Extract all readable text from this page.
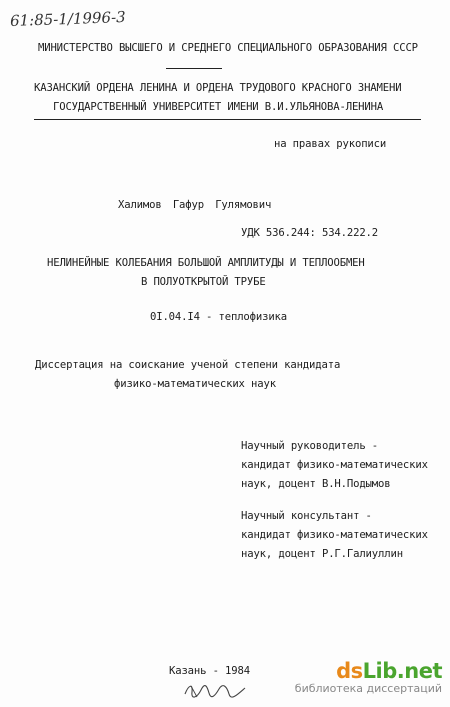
61:85-1/1996-3
МИНИСТЕРСТВО ВЫСШЕГО И СРЕДНЕГО СПЕЦИАЛЬНОГО ОБРАЗОВАНИЯ СССР
КАЗАНСКИЙ ОРДЕНА ЛЕНИНА И ОРДЕНА ТРУДОВОГО КРАСНОГО ЗНАМЕНИ
ГОСУДАРСТВЕННЫЙ УНИВЕРСИТЕТ ИМЕНИ В.И.УЛЬЯНОВА-ЛЕНИНА
на правах рукописи
Халимов Гафур Гулямович
УДК 536.244: 534.222.2
НЕЛИНЕЙНЫЕ КОЛЕБАНИЯ БОЛЬШОЙ АМПЛИТУДЫ И ТЕПЛООБМЕН
В ПОЛУОТКРЫТОЙ ТРУБЕ
0I.04.I4 - теплофизика
Диссертация на соискание ученой степени кандидата
физико-математических наук
Научный руководитель -
кандидат физико-математических
наук, доцент В.Н.Подымов
Научный консультант -
кандидат физико-математических
наук, доцент Р.Г.Галиуллин
Казань - 1984	dsLib.net
библиотека диссертаций
